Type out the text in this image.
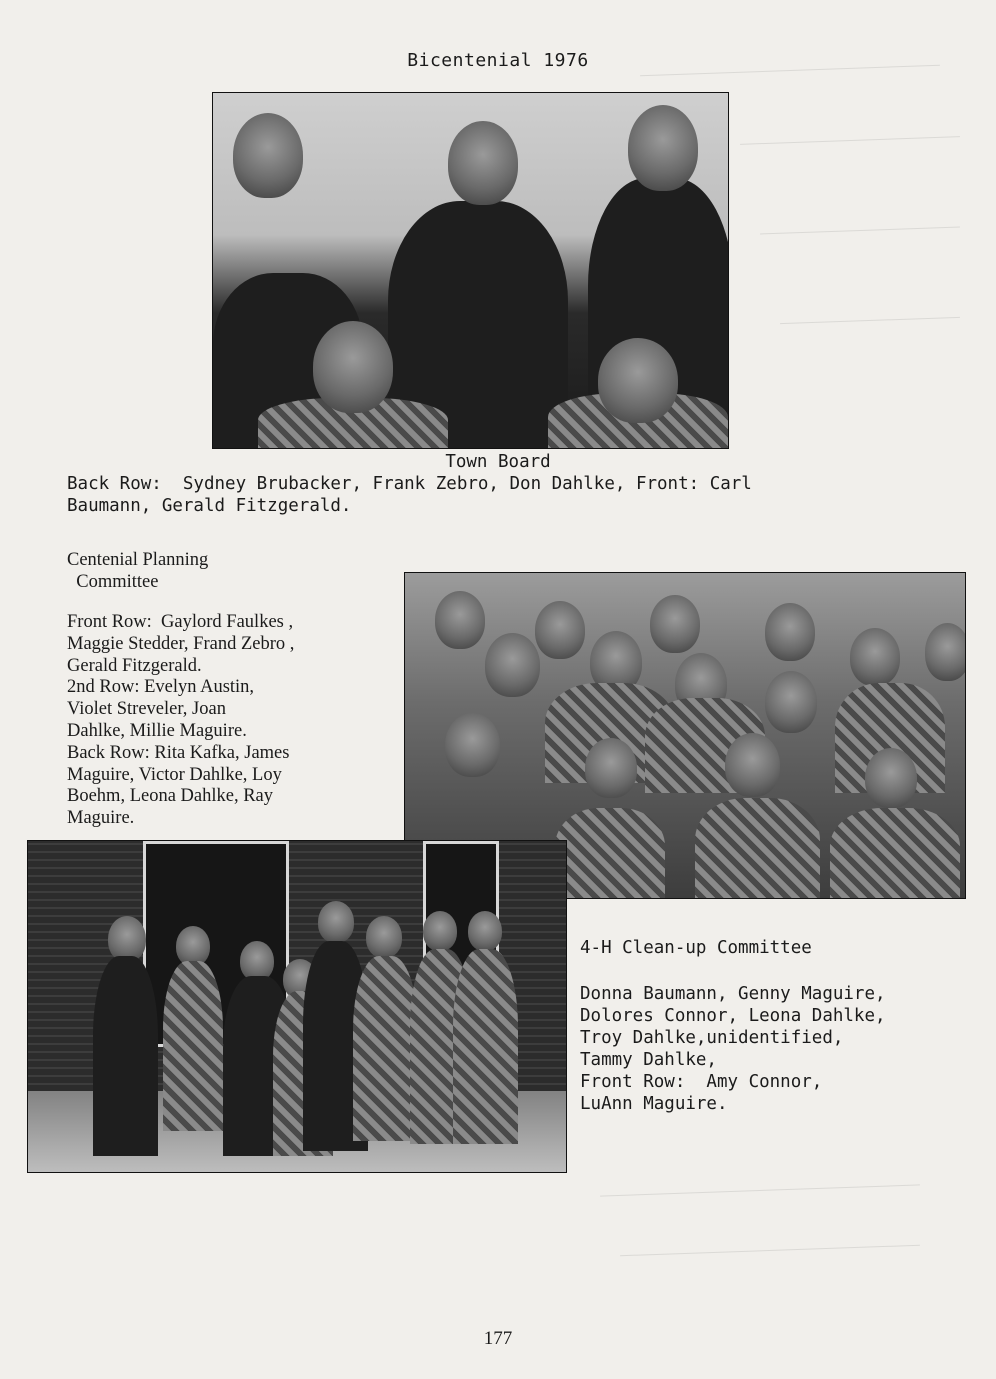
Bicentenial 1976
Town Board
Back Row:  Sydney Brubacker, Frank Zebro, Don Dahlke, Front: Carl
Baumann, Gerald Fitzgerald.
Centenial Planning
Committee
Front Row:  Gaylord Faulkes ,
Maggie Stedder, Frand Zebro ,
Gerald Fitzgerald.
2nd Row: Evelyn Austin,
Violet Streveler, Joan
Dahlke, Millie Maguire.
Back Row: Rita Kafka, James
Maguire, Victor Dahlke, Loy
Boehm, Leona Dahlke, Ray
Maguire.
4-H Clean-up Committee
Donna Baumann, Genny Maguire,
Dolores Connor, Leona Dahlke,
Troy Dahlke,unidentified,
Tammy Dahlke,
Front Row:  Amy Connor,
LuAnn Maguire.
177
